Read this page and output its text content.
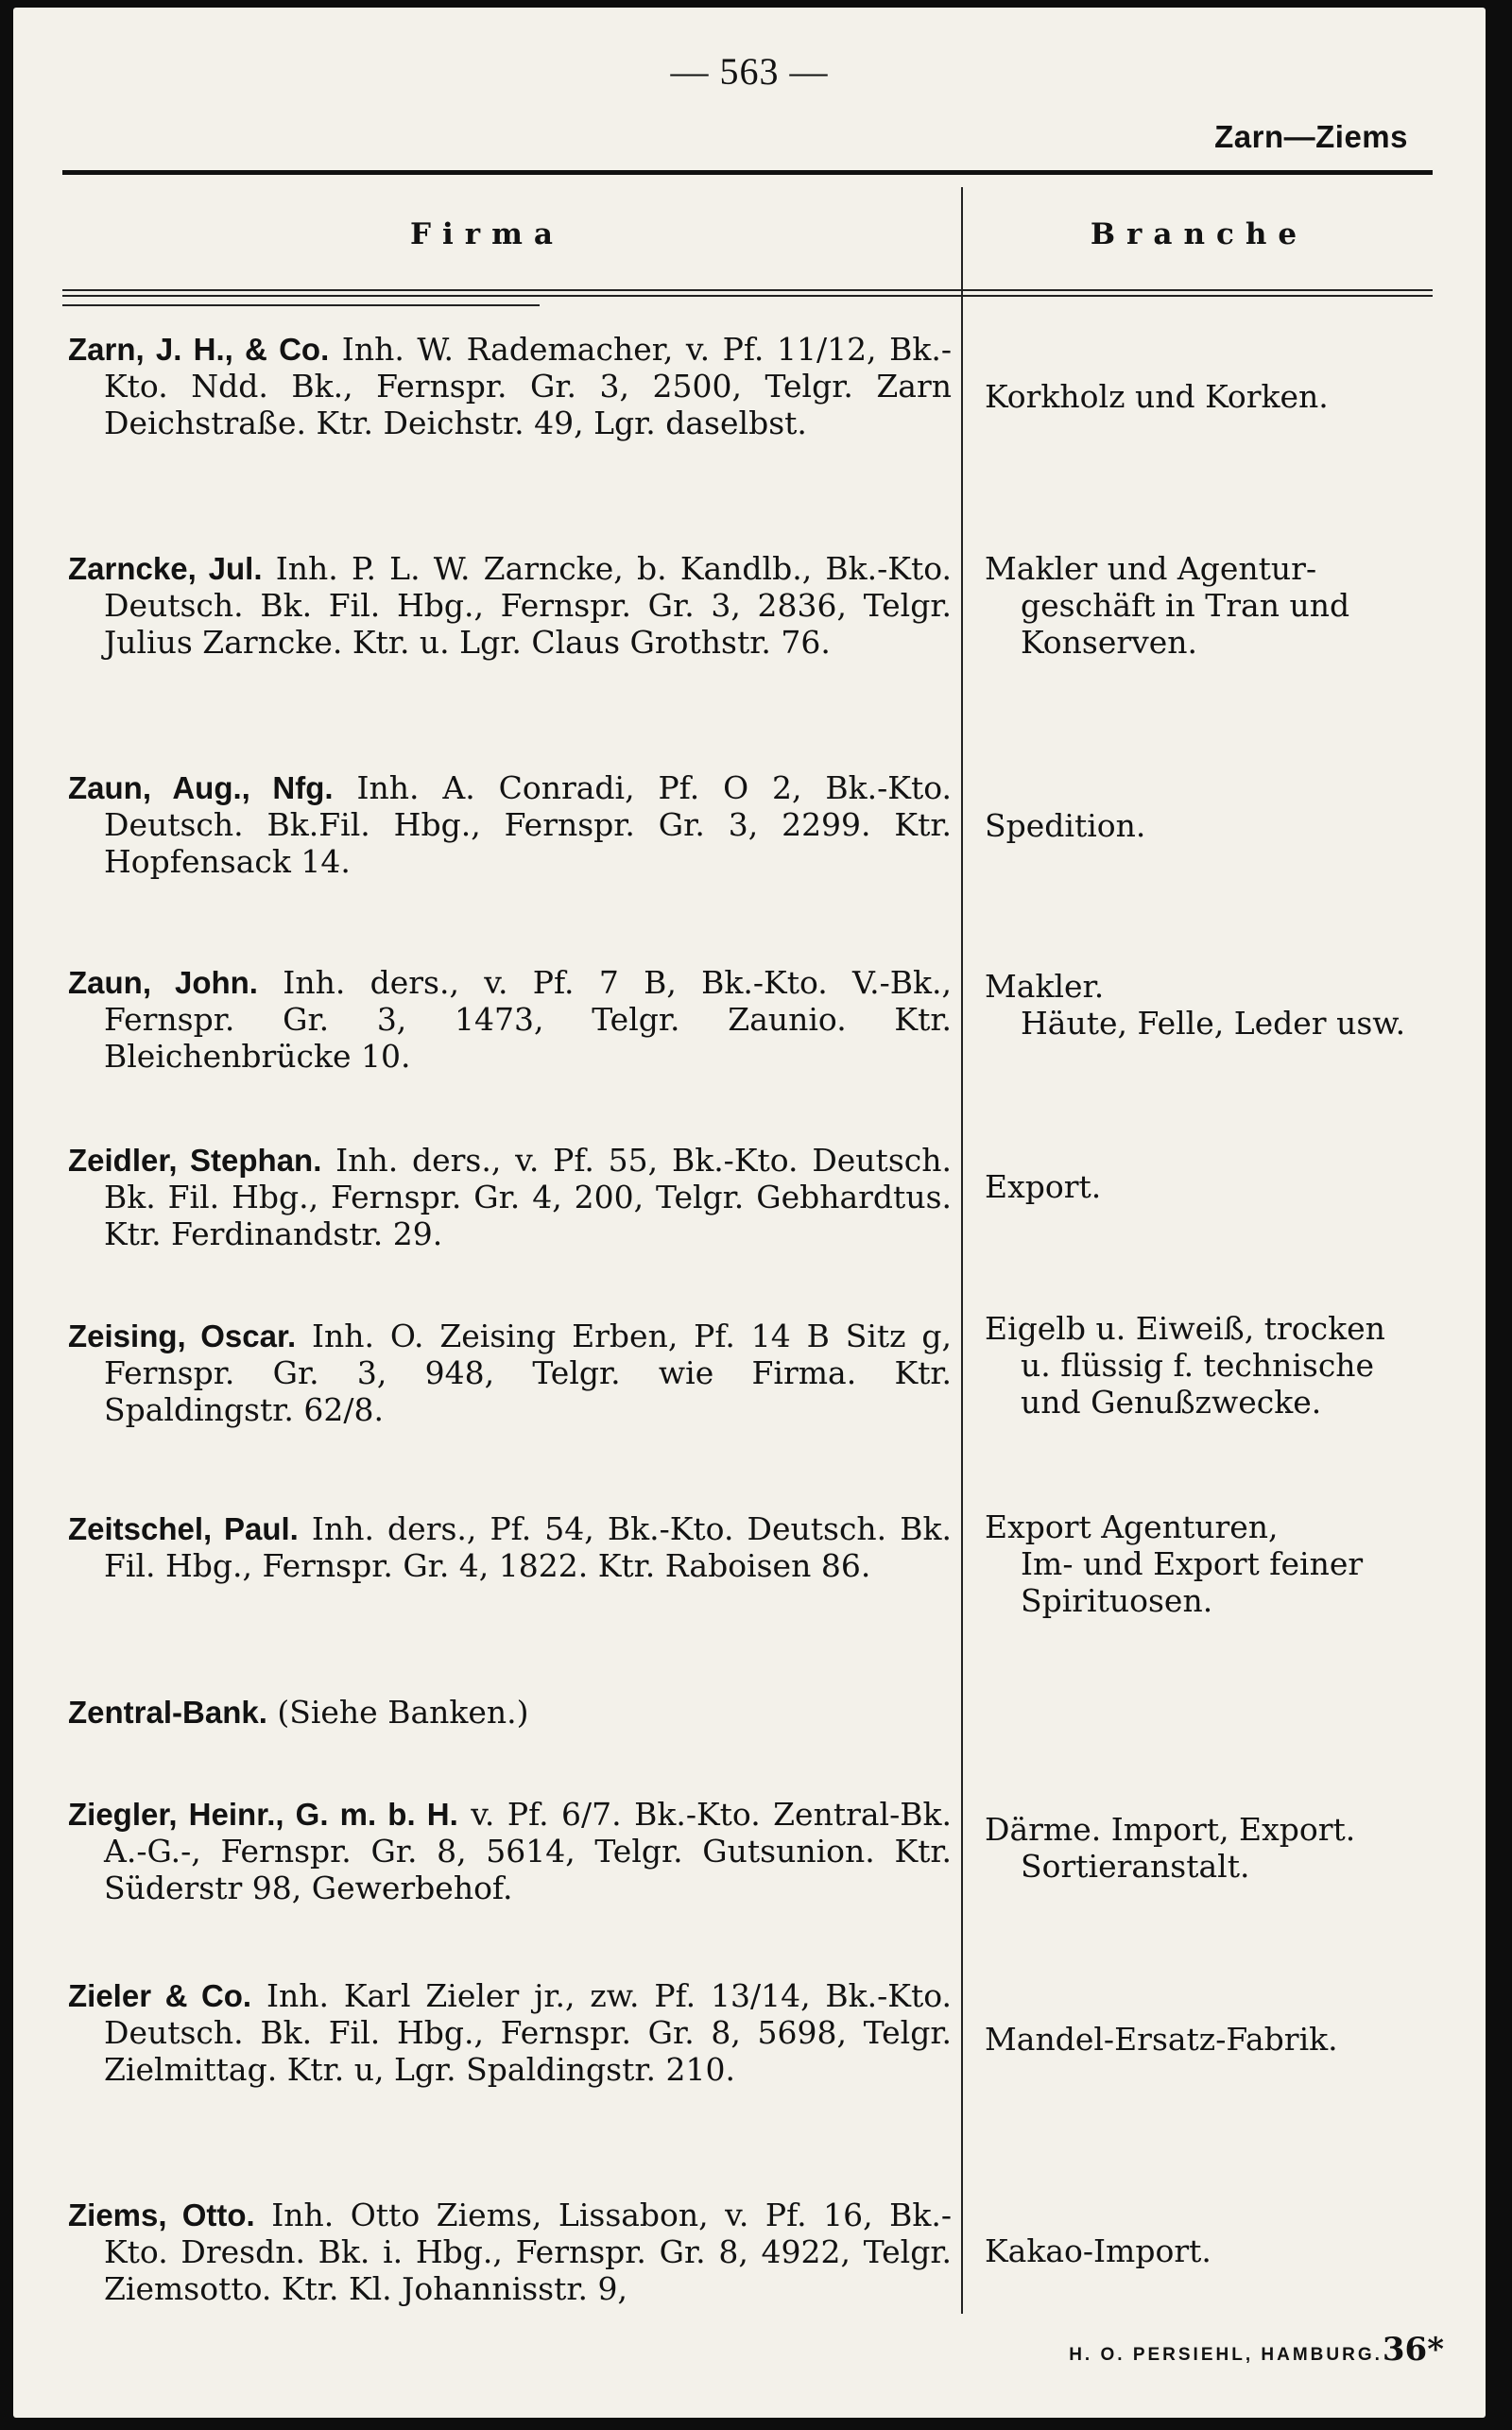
— 563 —
Zarn—Ziems
Firma	Branche
Zarn, J. H., & Co. Inh. W. Rademacher, v. Pf. 11/12, Bk.-Kto. Ndd. Bk., Fernspr. Gr. 3, 2500, Telgr. Zarn Deichstraße. Ktr. Deichstr. 49, Lgr. daselbst.
Korkholz und Korken.
Zarncke, Jul. Inh. P. L. W. Zarncke, b. Kandlb., Bk.-Kto. Deutsch. Bk. Fil. Hbg., Fernspr. Gr. 3, 2836, Telgr. Julius Zarncke. Ktr. u. Lgr. Claus Grothstr. 76.
Makler und Agentur-
geschäft in Tran und
Konserven.
Zaun, Aug., Nfg. Inh. A. Conradi, Pf. O 2, Bk.-Kto. Deutsch. Bk.Fil. Hbg., Fernspr. Gr. 3, 2299. Ktr. Hopfensack 14.
Spedition.
Zaun, John. Inh. ders., v. Pf. 7 B, Bk.-Kto. V.-Bk., Fernspr. Gr. 3, 1473, Telgr. Zaunio. Ktr. Bleichenbrücke 10.
Makler.
Häute, Felle, Leder usw.
Zeidler, Stephan. Inh. ders., v. Pf. 55, Bk.-Kto. Deutsch. Bk. Fil. Hbg., Fernspr. Gr. 4, 200, Telgr. Gebhardtus. Ktr. Ferdinandstr. 29.
Export.
Zeising, Oscar. Inh. O. Zeising Erben, Pf. 14 B Sitz g, Fernspr. Gr. 3, 948, Telgr. wie Firma. Ktr. Spaldingstr. 62/8.
Eigelb u. Eiweiß, trocken
u. flüssig f. technische
und Genußzwecke.
Zeitschel, Paul. Inh. ders., Pf. 54, Bk.-Kto. Deutsch. Bk. Fil. Hbg., Fernspr. Gr. 4, 1822. Ktr. Raboisen 86.
Export Agenturen,
Im- und Export feiner
Spirituosen.
Zentral-Bank. (Siehe Banken.)
Ziegler, Heinr., G. m. b. H. v. Pf. 6/7. Bk.-Kto. Zentral-Bk. A.-G.-, Fernspr. Gr. 8, 5614, Telgr. Gutsunion. Ktr. Süderstr 98, Gewerbehof.
Därme. Import, Export.
Sortieranstalt.
Zieler & Co. Inh. Karl Zieler jr., zw. Pf. 13/14, Bk.-Kto. Deutsch. Bk. Fil. Hbg., Fernspr. Gr. 8, 5698, Telgr. Zielmittag. Ktr. u, Lgr. Spaldingstr. 210.
Mandel-Ersatz-Fabrik.
Ziems, Otto. Inh. Otto Ziems, Lissabon, v. Pf. 16, Bk.-Kto. Dresdn. Bk. i. Hbg., Fernspr. Gr. 8, 4922, Telgr. Ziemsotto. Ktr. Kl. Johannisstr. 9,
Kakao-Import.
H. O. PERSIEHL, HAMBURG.36*
